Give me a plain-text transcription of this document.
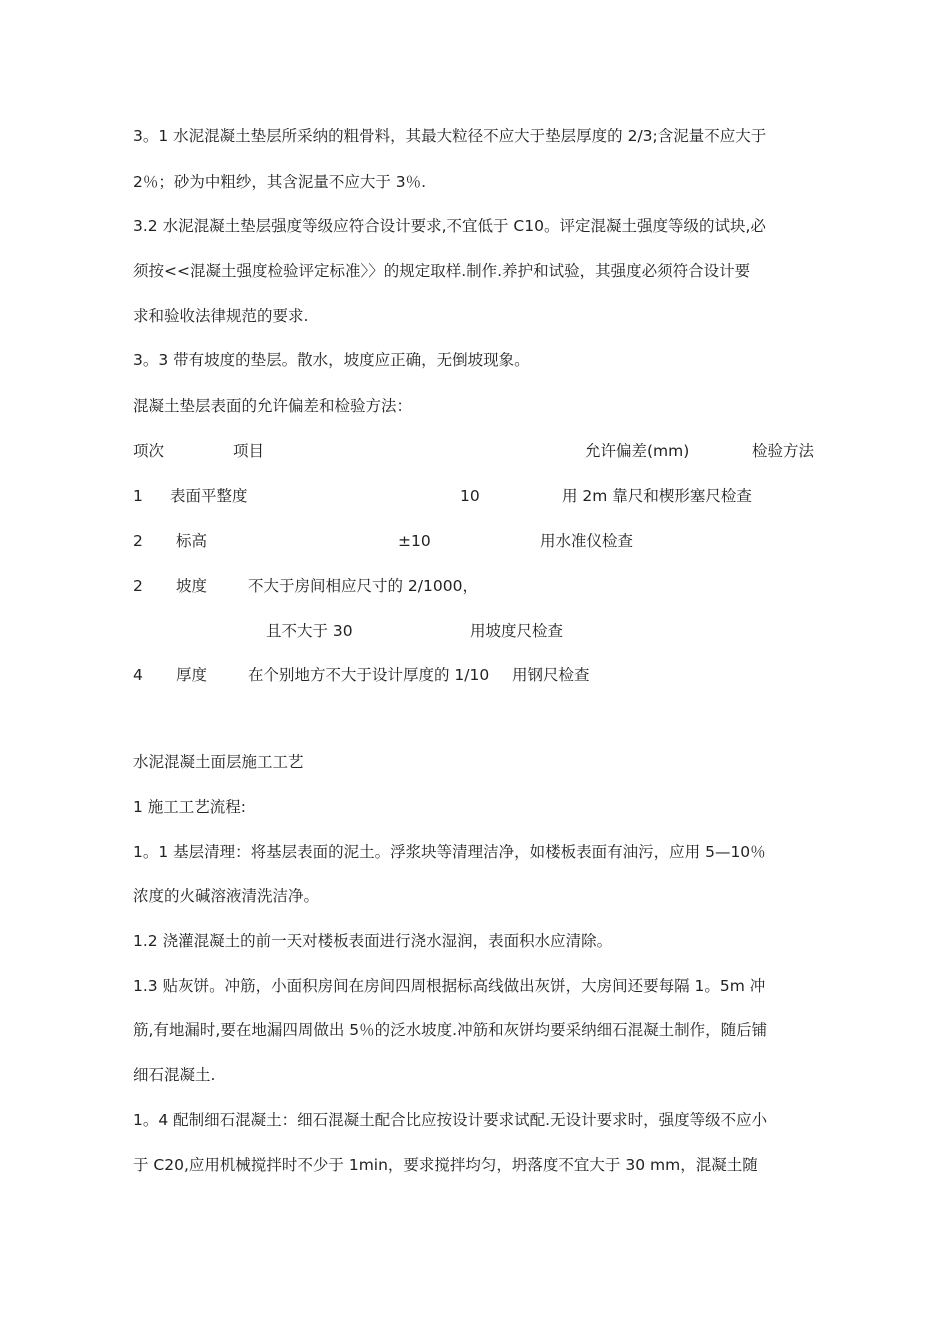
3。1 水泥混凝土垫层所采纳的粗骨料，其最大粒径不应大于垫层厚度的 2/3;含泥量不应大于
2％；砂为中粗纱，其含泥量不应大于 3％.
3.2 水泥混凝土垫层强度等级应符合设计要求,不宜低于 C10。评定混凝土强度等级的试块,必
须按<<混凝土强度检验评定标准〉〉的规定取样.制作.养护和试验，其强度必须符合设计要
求和验收法律规范的要求.
3。3 带有坡度的垫层。散水，坡度应正确，无倒坡现象。
混凝土垫层表面的允许偏差和检验方法：
项次	项目	允许偏差(mm)	检验方法
1 表面平整度	10	用 2m 靠尺和楔形塞尺检查
2 标高	±10	用水准仪检查
2 坡度	不大于房间相应尺寸的 2/1000，
且不大于 30	用坡度尺检查
4 厚度	在个别地方不大于设计厚度的 1/10 用钢尺检查
水泥混凝土面层施工工艺
1 施工工艺流程:
1。1 基层清理：将基层表面的泥土。浮浆块等清理洁净，如楼板表面有油污，应用 5—10％
浓度的火碱溶液清洗洁净。
1.2 浇灌混凝土的前一天对楼板表面进行浇水湿润，表面积水应清除。
1.3 贴灰饼。冲筋，小面积房间在房间四周根据标高线做出灰饼，大房间还要每隔 1。5m 冲
筋,有地漏时,要在地漏四周做出 5％的泛水坡度.冲筋和灰饼均要采纳细石混凝土制作，随后铺
细石混凝土.
1。4 配制细石混凝土：细石混凝土配合比应按设计要求试配.无设计要求时，强度等级不应小
于 C20,应用机械搅拌时不少于 1min，要求搅拌均匀，坍落度不宜大于 30 mm，混凝土随
